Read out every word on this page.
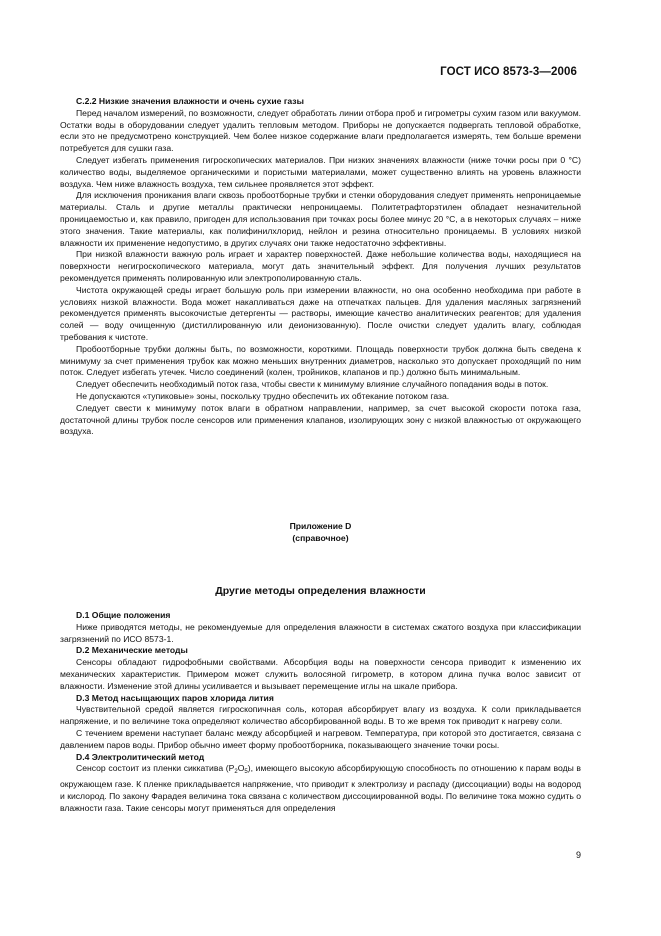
ГОСТ ИСО 8573-3—2006
C.2.2 Низкие значения влажности и очень сухие газы

Перед началом измерений, по возможности, следует обработать линии отбора проб и гигрометры сухим газом или вакуумом. Остатки воды в оборудовании следует удалить тепловым методом. Приборы не допускается подвергать тепловой обработке, если это не предусмотрено конструкцией. Чем более низкое содержание влаги предполагается измерять, тем больше времени потребуется для сушки газа.

Следует избегать применения гигроскопических материалов. При низких значениях влажности (ниже точки росы при 0 °C) количество воды, выделяемое органическими и пористыми материалами, может существенно влиять на уровень влажности воздуха. Чем ниже влажность воздуха, тем сильнее проявляется этот эффект.

Для исключения проникания влаги сквозь пробоотборные трубки и стенки оборудования следует применять непроницаемые материалы. Сталь и другие металлы практически непроницаемы. Политетрафторэтилен обладает незначительной проницаемостью и, как правило, пригоден для использования при точках росы более минус 20 °C, а в некоторых случаях – ниже этого значения. Такие материалы, как полифинилхлорид, нейлон и резина относительно проницаемы. В условиях низкой влажности их применение недопустимо, в других случаях они также недостаточно эффективны.

При низкой влажности важную роль играет и характер поверхностей. Даже небольшие количества воды, находящиеся на поверхности негигроскопического материала, могут дать значительный эффект. Для получения лучших результатов рекомендуется применять полированную или электрополированную сталь.

Чистота окружающей среды играет большую роль при измерении влажности, но она особенно необходима при работе в условиях низкой влажности. Вода может накапливаться даже на отпечатках пальцев. Для удаления масляных загрязнений рекомендуется применять высокочистые детергенты — растворы, имеющие качество аналитических реагентов; для удаления солей — воду очищенную (дистиллированную или деионизованную). После очистки следует удалить влагу, соблюдая требования к чистоте.

Пробоотборные трубки должны быть, по возможности, короткими. Площадь поверхности трубок должна быть сведена к минимуму за счет применения трубок как можно меньших внутренних диаметров, насколько это допускает проходящий по ним поток. Следует избегать утечек. Число соединений (колен, тройников, клапанов и пр.) должно быть минимальным.

Следует обеспечить необходимый поток газа, чтобы свести к минимуму влияние случайного попадания воды в поток.

Не допускаются «тупиковые» зоны, поскольку трудно обеспечить их обтекание потоком газа.

Следует свести к минимуму поток влаги в обратном направлении, например, за счет высокой скорости потока газа, достаточной длины трубок после сенсоров или применения клапанов, изолирующих зону с низкой влажностью от окружающего воздуха.

Приложение D
(справочное)
Другие методы определения влажности
D.1 Общие положения

Ниже приводятся методы, не рекомендуемые для определения влажности в системах сжатого воздуха при классификации загрязнений по ИСО 8573-1.

D.2 Механические методы

Сенсоры обладают гидрофобными свойствами. Абсорбция воды на поверхности сенсора приводит к изменению их механических характеристик. Примером может служить волосяной гигрометр, в котором длина пучка волос зависит от влажности. Изменение этой длины усиливается и вызывает перемещение иглы на шкале прибора.

D.3 Метод насыщающих паров хлорида лития

Чувствительной средой является гигроскопичная соль, которая абсорбирует влагу из воздуха. К соли прикладывается напряжение, и по величине тока определяют количество абсорбированной воды. В то же время ток приводит к нагреву соли.

С течением времени наступает баланс между абсорбцией и нагревом. Температура, при которой это достигается, связана с давлением паров воды. Прибор обычно имеет форму пробоотборника, показывающего значение точки росы.

D.4 Электролитический метод

Сенсор состоит из пленки сиккатива $(P_2O_5)$, имеющего высокую абсорбирующую способность по отношению к парам воды в окружающем газе. К пленке прикладывается напряжение, что приводит к электролизу и распаду (диссоциации) воды на водород и кислород. По закону Фарадея величина тока связана с количеством диссоциированной воды. По величине тока можно судить о влажности газа. Такие сенсоры могут применяться для определения

9
